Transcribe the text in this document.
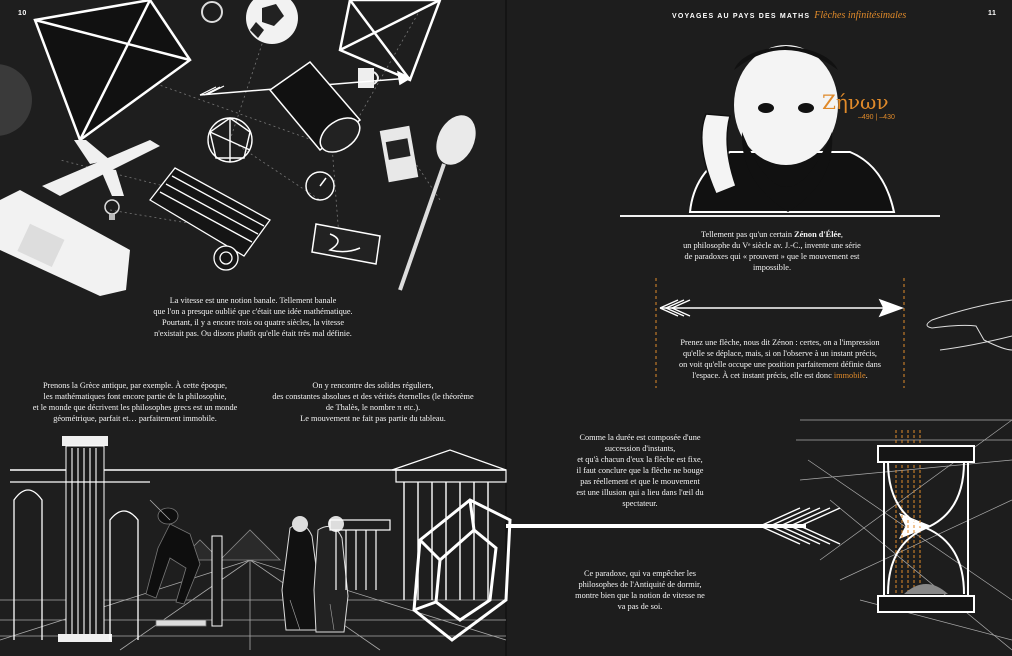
10	11
VOYAGES AU PAYS DES MATHS Flèches infinitésimales
Ζήνων
–490 | –430
La vitesse est une notion banale. Tellement banale
que l'on a presque oublié que c'était une idée mathématique.
Pourtant, il y a encore trois ou quatre siècles, la vitesse
n'existait pas. Ou disons plutôt qu'elle était très mal définie.
Prenons la Grèce antique, par exemple. À cette époque,
les mathématiques font encore partie de la philosophie,
et le monde que décrivent les philosophes grecs est un monde
géométrique, parfait et… parfaitement immobile.
On y rencontre des solides réguliers,
des constantes absolues et des vérités éternelles (le théorème
de Thalès, le nombre π etc.).
Le mouvement ne fait pas partie du tableau.
Tellement pas qu'un certain Zénon d'Élée,
un philosophe du Vᵉ siècle av. J.-C., invente une série
de paradoxes qui « prouvent » que le mouvement est
impossible.
Prenez une flèche, nous dit Zénon : certes, on a l'impression
qu'elle se déplace, mais, si on l'observe à un instant précis,
on voit qu'elle occupe une position parfaitement définie dans
l'espace. À cet instant précis, elle est donc immobile.
Comme la durée est composée d'une
succession d'instants,
et qu'à chacun d'eux la flèche est fixe,
il faut conclure que la flèche ne bouge
pas réellement et que le mouvement
est une illusion qui a lieu dans l'œil du
spectateur.
Ce paradoxe, qui va empêcher les
philosophes de l'Antiquité de dormir,
montre bien que la notion de vitesse ne
va pas de soi.
